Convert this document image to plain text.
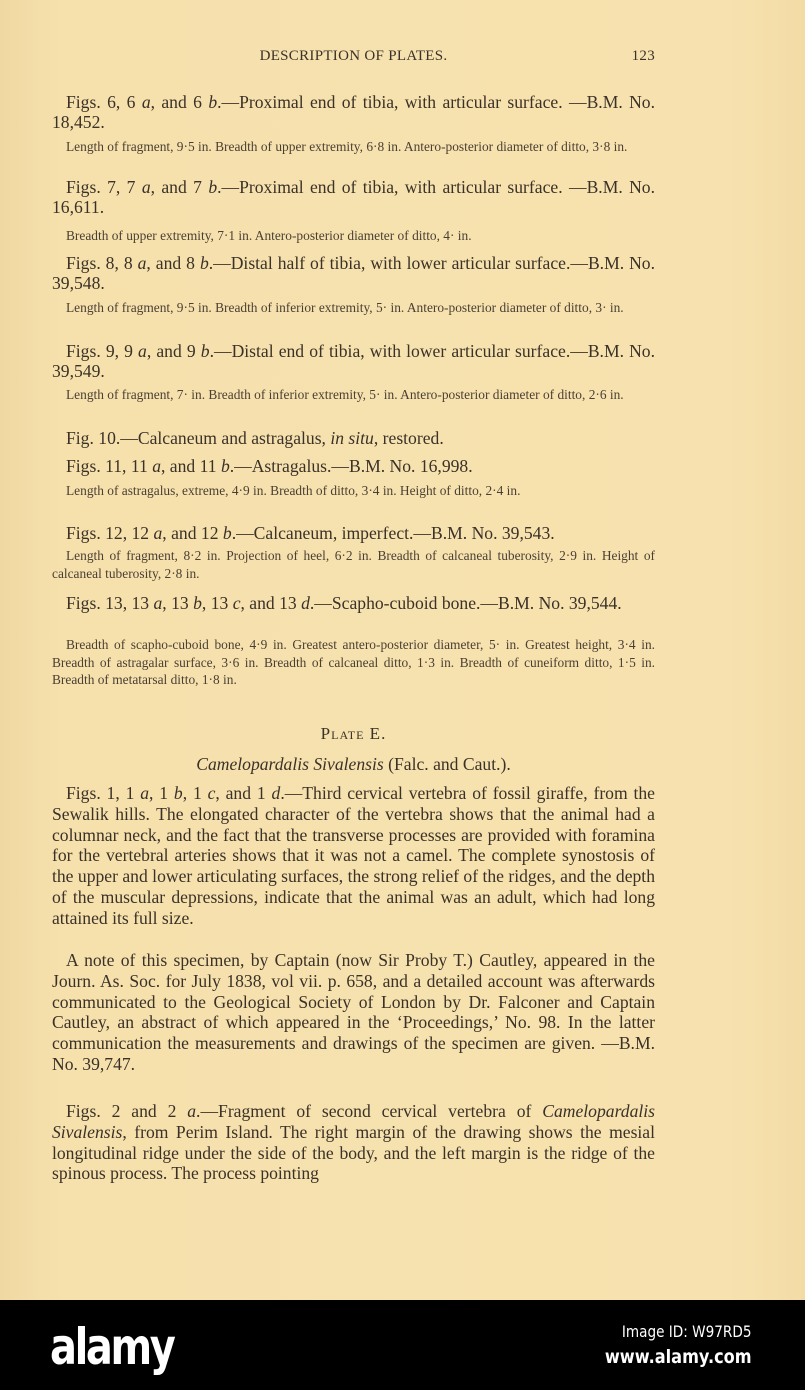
DESCRIPTION OF PLATES.	123
Figs. 6, 6 a, and 6 b.—Proximal end of tibia, with articular surface. —B.M. No. 18,452.
Length of fragment, 9·5 in. Breadth of upper extremity, 6·8 in. Antero-posterior diameter of ditto, 3·8 in.
Figs. 7, 7 a, and 7 b.—Proximal end of tibia, with articular surface. —B.M. No. 16,611.
Breadth of upper extremity, 7·1 in. Antero-posterior diameter of ditto, 4· in.
Figs. 8, 8 a, and 8 b.—Distal half of tibia, with lower articular surface.—B.M. No. 39,548.
Length of fragment, 9·5 in. Breadth of inferior extremity, 5· in. Antero-posterior diameter of ditto, 3· in.
Figs. 9, 9 a, and 9 b.—Distal end of tibia, with lower articular surface.—B.M. No. 39,549.
Length of fragment, 7· in. Breadth of inferior extremity, 5· in. Antero-posterior diameter of ditto, 2·6 in.
Fig. 10.—Calcaneum and astragalus, in situ, restored.
Figs. 11, 11 a, and 11 b.—Astragalus.—B.M. No. 16,998.
Length of astragalus, extreme, 4·9 in. Breadth of ditto, 3·4 in. Height of ditto, 2·4 in.
Figs. 12, 12 a, and 12 b.—Calcaneum, imperfect.—B.M. No. 39,543.
Length of fragment, 8·2 in. Projection of heel, 6·2 in. Breadth of calcaneal tuberosity, 2·9 in. Height of calcaneal tuberosity, 2·8 in.
Figs. 13, 13 a, 13 b, 13 c, and 13 d.—Scapho-cuboid bone.—B.M. No. 39,544.
Breadth of scapho-cuboid bone, 4·9 in. Greatest antero-posterior diameter, 5· in. Greatest height, 3·4 in. Breadth of astragalar surface, 3·6 in. Breadth of calcaneal ditto, 1·3 in. Breadth of cuneiform ditto, 1·5 in. Breadth of metatarsal ditto, 1·8 in.
Plate E.
Camelopardalis Sivalensis (Falc. and Caut.).
Figs. 1, 1 a, 1 b, 1 c, and 1 d.—Third cervical vertebra of fossil giraffe, from the Sewalik hills. The elongated character of the vertebra shows that the animal had a columnar neck, and the fact that the transverse processes are provided with foramina for the vertebral arteries shows that it was not a camel. The complete synostosis of the upper and lower articulating surfaces, the strong relief of the ridges, and the depth of the muscular depressions, indicate that the animal was an adult, which had long attained its full size.
A note of this specimen, by Captain (now Sir Proby T.) Cautley, appeared in the Journ. As. Soc. for July 1838, vol vii. p. 658, and a detailed account was afterwards communicated to the Geological Society of London by Dr. Falconer and Captain Cautley, an abstract of which appeared in the ‘Proceedings,’ No. 98. In the latter communication the measurements and drawings of the specimen are given. —B.M. No. 39,747.
Figs. 2 and 2 a.—Fragment of second cervical vertebra of Camelopardalis Sivalensis, from Perim Island. The right margin of the drawing shows the mesial longitudinal ridge under the side of the body, and the left margin is the ridge of the spinous process. The process pointing
alamy	Image ID: W97RD5
www.alamy.com
